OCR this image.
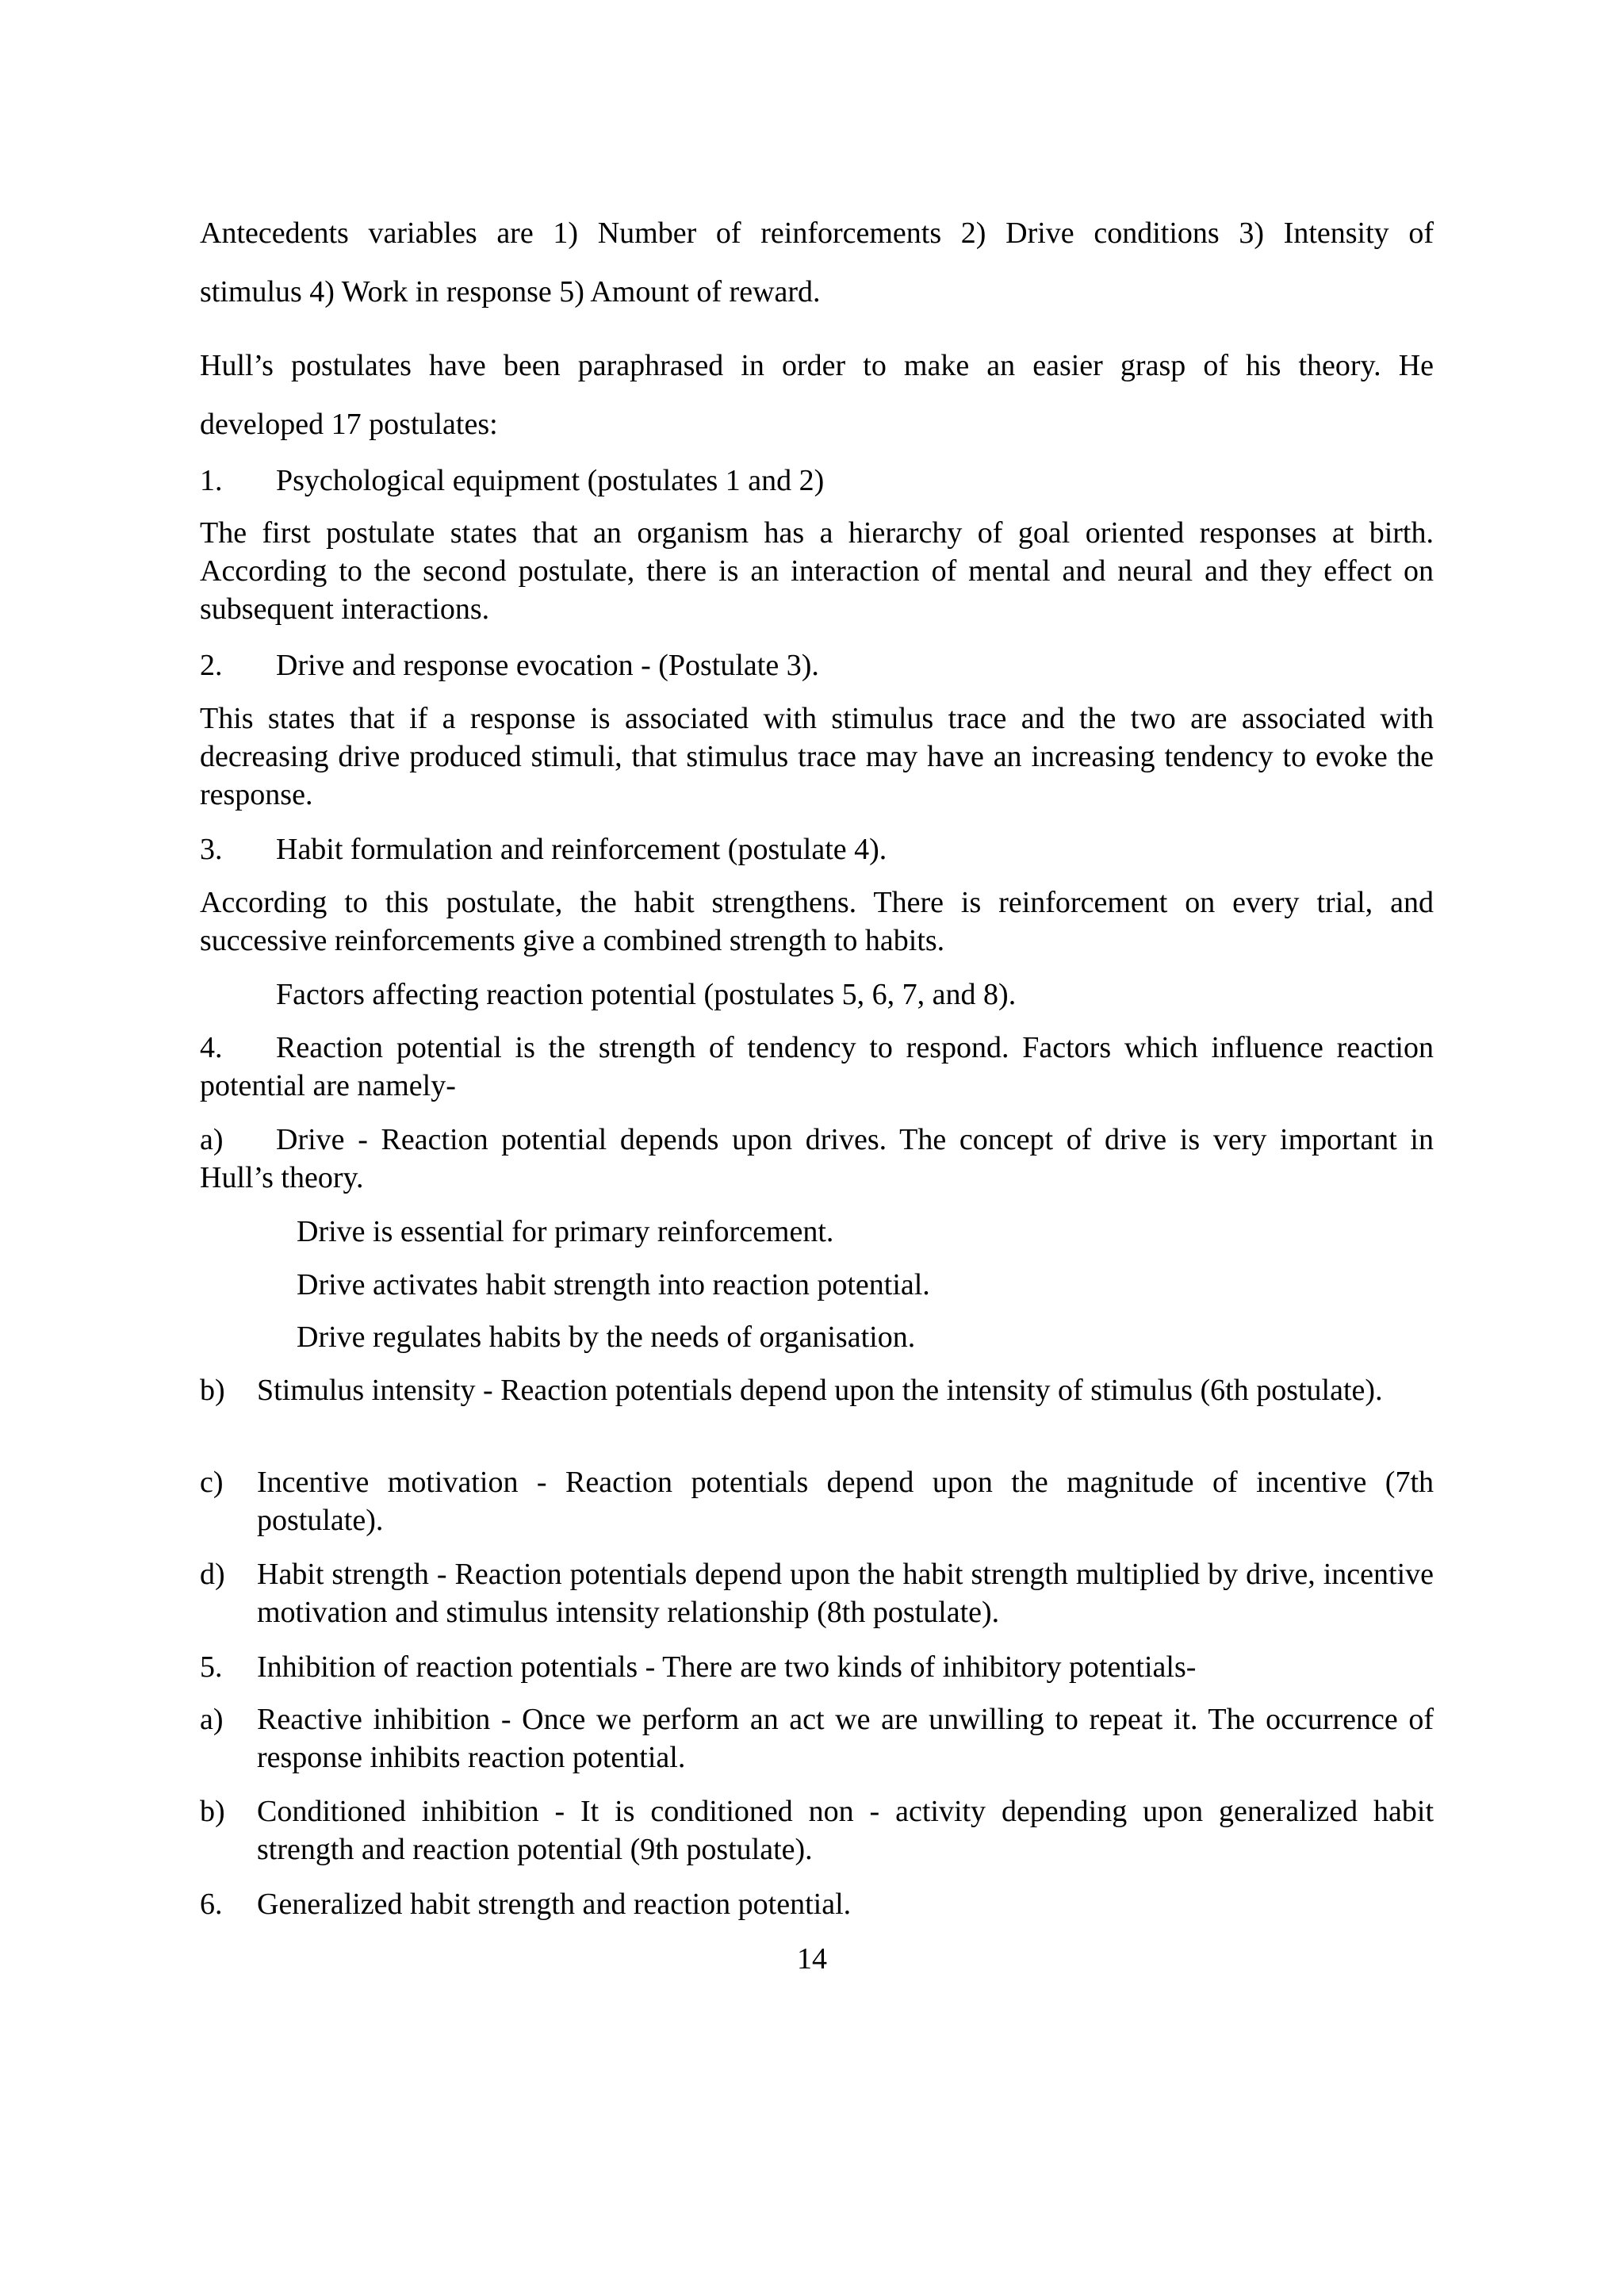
Antecedents variables are 1) Number of reinforcements 2) Drive conditions 3) Intensity of
stimulus 4) Work in response 5) Amount of reward.
Hull’s postulates have been paraphrased in order to make an easier grasp of his theory. He
developed 17 postulates:
1. Psychological equipment (postulates 1 and 2)

The first postulate states that an organism has a hierarchy of goal oriented responses at birth. According to the second postulate, there is an interaction of mental and neural and they effect on subsequent interactions.

2. Drive and response evocation - (Postulate 3).

This states that if a response is associated with stimulus trace and the two are associated with decreasing drive produced stimuli, that stimulus trace may have an increasing tendency to evoke the response.

3. Habit formulation and reinforcement (postulate 4).

According to this postulate, the habit strengthens. There is reinforcement on every trial, and successive reinforcements give a combined strength to habits.

Factors affecting reaction potential (postulates 5, 6, 7, and 8).
4.	Reaction potential is the strength of tendency to respond. Factors which influence reaction potential are namely-

a)	Drive - Reaction potential depends upon drives. The concept of drive is very important in Hull’s theory.

Drive is essential for primary reinforcement.
Drive activates habit strength into reaction potential.
Drive regulates habits by the needs of organisation.
b) Stimulus intensity - Reaction potentials depend upon the intensity of stimulus (6th postulate).

c) Incentive motivation - Reaction potentials depend upon the magnitude of incentive (7th postulate).

d) Habit strength - Reaction potentials depend upon the habit strength multiplied by drive, incentive motivation and stimulus intensity relationship (8th postulate).

5. Inhibition of reaction potentials - There are two kinds of inhibitory potentials-
a) Reactive inhibition - Once we perform an act we are unwilling to repeat it. The occurrence of response inhibits reaction potential.

b) Conditioned inhibition - It is conditioned non - activity depending upon generalized habit strength and reaction potential (9th postulate).

6. Generalized habit strength and reaction potential.
14
